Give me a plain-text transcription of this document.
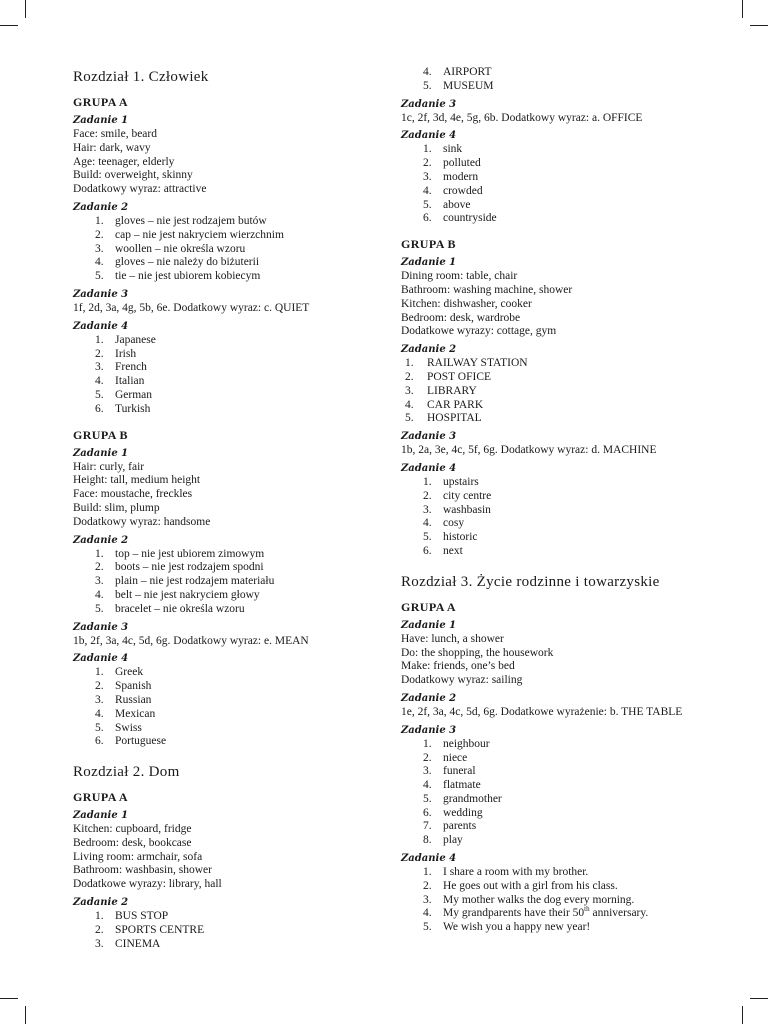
Rozdział 1. Człowiek
GRUPA A
Zadanie 1
Face: smile, beard
Hair: dark, wavy
Age: teenager, elderly
Build: overweight, skinny
Dodatkowy wyraz: attractive
Zadanie 2
1. gloves – nie jest rodzajem butów
2. cap – nie jest nakryciem wierzchnim
3. woollen – nie określa wzoru
4. gloves – nie należy do biżuterii
5. tie – nie jest ubiorem kobiecym
Zadanie 3
1f, 2d, 3a, 4g, 5b, 6e. Dodatkowy wyraz: c. QUIET
Zadanie 4
1. Japanese
2. Irish
3. French
4. Italian
5. German
6. Turkish
GRUPA B
Zadanie 1
Hair: curly, fair
Height: tall, medium height
Face: moustache, freckles
Build: slim, plump
Dodatkowy wyraz: handsome
Zadanie 2
1. top – nie jest ubiorem zimowym
2. boots – nie jest rodzajem spodni
3. plain – nie jest rodzajem materiału
4. belt – nie jest nakryciem głowy
5. bracelet – nie określa wzoru
Zadanie 3
1b, 2f, 3a, 4c, 5d, 6g. Dodatkowy wyraz: e. MEAN
Zadanie 4
1. Greek
2. Spanish
3. Russian
4. Mexican
5. Swiss
6. Portuguese
Rozdział 2. Dom
GRUPA A
Zadanie 1
Kitchen: cupboard, fridge
Bedroom: desk, bookcase
Living room: armchair, sofa
Bathroom: washbasin, shower
Dodatkowe wyrazy: library, hall
Zadanie 2
1. BUS STOP
2. SPORTS CENTRE
3. CINEMA
4. AIRPORT
5. MUSEUM
Zadanie 3
1c, 2f, 3d, 4e, 5g, 6b. Dodatkowy wyraz: a. OFFICE
Zadanie 4
1. sink
2. polluted
3. modern
4. crowded
5. above
6. countryside
GRUPA B
Zadanie 1
Dining room: table, chair
Bathroom: washing machine, shower
Kitchen: dishwasher, cooker
Bedroom: desk, wardrobe
Dodatkowe wyrazy: cottage, gym
Zadanie 2
1.	RAILWAY STATION
2.	POST OFICE
3.	LIBRARY
4.	CAR PARK
5.	HOSPITAL
Zadanie 3
1b, 2a, 3e, 4c, 5f, 6g. Dodatkowy wyraz: d. MACHINE
Zadanie 4
1. upstairs
2. city centre
3. washbasin
4. cosy
5. historic
6. next
Rozdział 3. Życie rodzinne i towarzyskie
GRUPA A
Zadanie 1
Have: lunch, a shower
Do: the shopping, the housework
Make: friends, one’s bed
Dodatkowy wyraz: sailing
Zadanie 2
1e, 2f, 3a, 4c, 5d, 6g. Dodatkowe wyrażenie: b. THE TABLE
Zadanie 3
1. neighbour
2. niece
3. funeral
4. flatmate
5. grandmother
6. wedding
7. parents
8. play
Zadanie 4
1. I share a room with my brother.
2. He goes out with a girl from his class.
3. My mother walks the dog every morning.
4. My grandparents have their 50th anniversary.
5. We wish you a happy new year!
